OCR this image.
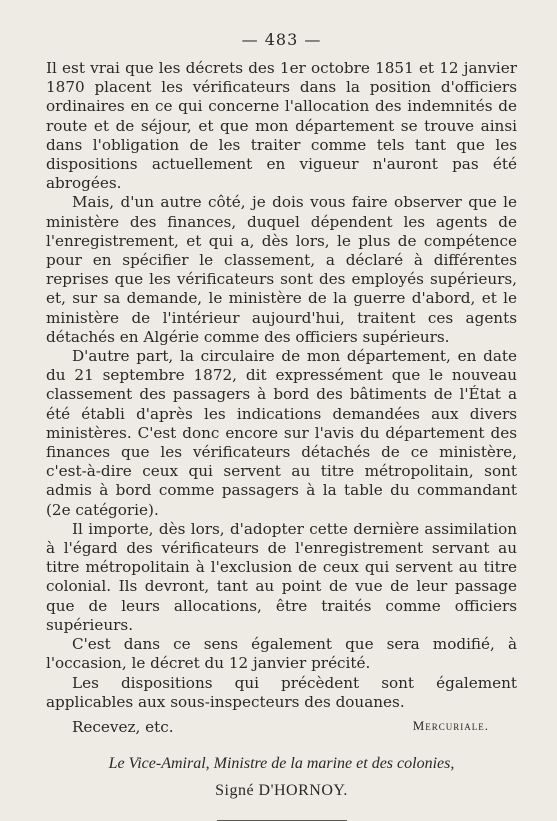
— 483 —

Il est vrai que les décrets des 1er octobre 1851 et 12 janvier 1870 placent les vérificateurs dans la position d'officiers ordinaires en ce qui concerne l'allocation des indemnités de route et de séjour, et que mon département se trouve ainsi dans l'obligation de les traiter comme tels tant que les dispositions actuellement en vigueur n'auront pas été abrogées.

Mais, d'un autre côté, je dois vous faire observer que le ministère des finances, duquel dépendent les agents de l'enregistrement, et qui a, dès lors, le plus de compétence pour en spécifier le classement, a déclaré à différentes reprises que les vérificateurs sont des employés supérieurs, et, sur sa demande, le ministère de la guerre d'abord, et le ministère de l'intérieur aujourd'hui, traitent ces agents détachés en Algérie comme des officiers supérieurs.

D'autre part, la circulaire de mon département, en date du 21 septembre 1872, dit expressément que le nouveau classement des passagers à bord des bâtiments de l'État a été établi d'après les indications demandées aux divers ministères. C'est donc encore sur l'avis du département des finances que les vérificateurs détachés de ce ministère, c'est-à-dire ceux qui servent au titre métropolitain, sont admis à bord comme passagers à la table du commandant (2e catégorie).

Il importe, dès lors, d'adopter cette dernière assimilation à l'égard des vérificateurs de l'enregistrement servant au titre métropolitain à l'exclusion de ceux qui servent au titre colonial. Ils devront, tant au point de vue de leur passage que de leurs allocations, être traités comme officiers supérieurs.

C'est dans ce sens également que sera modifié, à l'occasion, le décret du 12 janvier précité.

Les dispositions qui précèdent sont également applicables aux sous-inspecteurs des douanes.

Recevez, etc.
Le Vice-Amiral, Ministre de la marine et des colonies,
Signé D'HORNOY.
Mercuriale.
